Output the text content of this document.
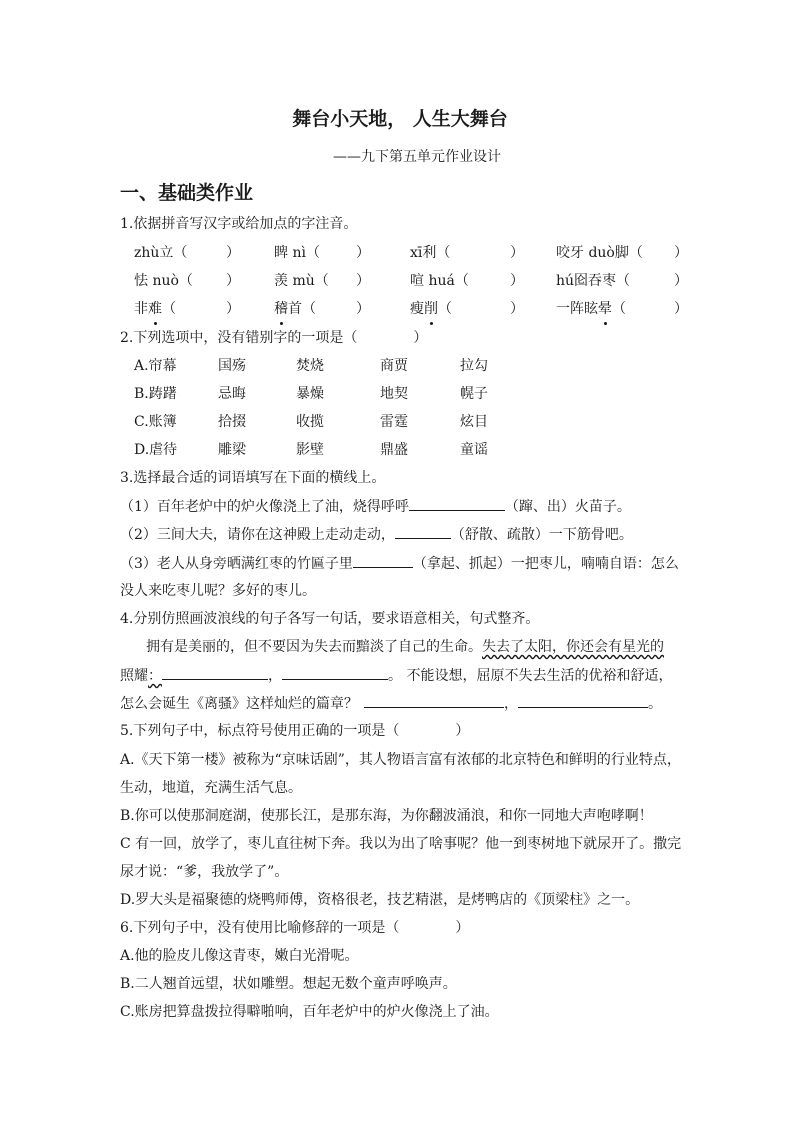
舞台小天地， 人生大舞台
——九下第五单元作业设计
一、基础类作业
1.依据拼音写汉字或给加点的字注音。
zhù立（	） 睥 nì（	）	xī利（	） 咬牙 duò脚（ ）
怯 nuò（ ） 羡 mù（ ）	喧 huá（	） hú囵吞枣（	）
非难（	） 稽首（	）	瘦削（	） 一阵眩晕（	）
2.下列选项中，没有错别字的一项是（	）
A.帘幕	国殇	焚烧	商贾	拉勾
B.踌躇	忌晦	暴燥	地契	幌子
C.账簿	拾掇	收揽	雷霆	炫目
D.虐待	雕梁	影壁	鼎盛	童谣
3.选择最合适的词语填写在下面的横线上。
（1）百年老炉中的炉火像浇上了油，烧得呼呼	（蹿、出）火苗子。
（2）三间大夫，请你在这神殿上走动走动，	（舒散、疏散）一下筋骨吧。
（3）老人从身旁晒满红枣的竹匾子里	（拿起、抓起）一把枣儿，喃喃自语：怎么
没人来吃枣儿呢？多好的枣儿。
4.分别仿照画波浪线的句子各写一句话，要求语意相关，句式整齐。
拥有是美丽的，但不要因为失去而黯淡了自己的生命。失去了太阳，你还会有星光的
照耀：	，	。 不能设想，屈原不失去生活的优裕和舒适，
怎么会诞生《离骚》这样灿烂的篇章？	，	。
5.下列句子中，标点符号使用正确的一项是（	）
A.《天下第一楼》被称为“京味话剧”，其人物语言富有浓郁的北京特色和鲜明的行业特点，
生动，地道，充满生活气息。
B.你可以使那洞庭湖，使那长江，是那东海，为你翻波涌浪，和你一同地大声咆哮啊！
C 有一回，放学了，枣儿直往树下奔。我以为出了啥事呢？他一到枣树地下就尿开了。撒完
尿才说：“爹，我放学了”。
D.罗大头是福聚德的烧鸭师傅，资格很老，技艺精湛，是烤鸭店的《顶梁柱》之一。
6.下列句子中，没有使用比喻修辞的一项是（	）
A.他的脸皮儿像这青枣，嫩白光滑呢。
B.二人翘首远望，状如雕塑。想起无数个童声呼唤声。
C.账房把算盘拨拉得噼啪响，百年老炉中的炉火像浇上了油。
